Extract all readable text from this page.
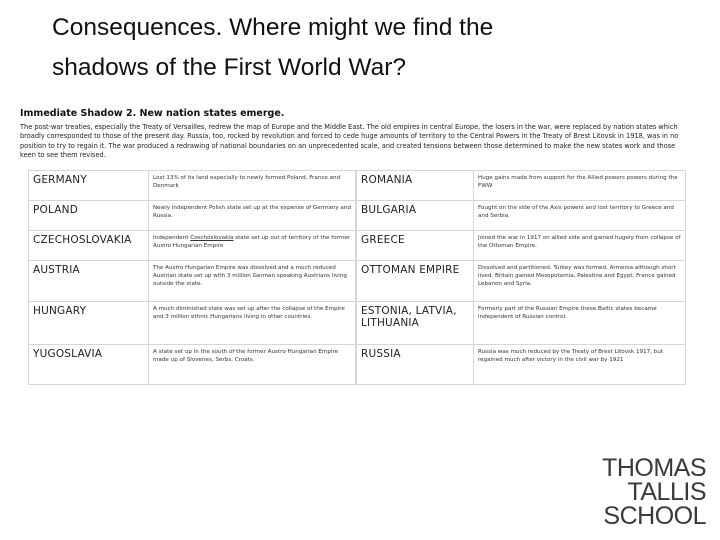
Consequences. Where might we find the
shadows of the First World War?
Immediate Shadow 2. New nation states emerge.
The post-war treaties, especially the Treaty of Versailles, redrew the map of Europe and the Middle East. The old empires in central Europe, the losers in the war, were replaced by nation states which broadly corresponded to those of the present day. Russia, too, rocked by revolution and forced to cede huge amounts of territory to the Central Powers in the Treaty of Brest Litovsk in 1918, was in no position to try to regain it. The war produced a redrawing of national boundaries on an unprecedented scale, and created tensions between those determined to make the new states work and those keen to see them revised.
GERMANY	Lost 13% of its land especially to newly formed Poland, France and Denmark
POLAND	Newly independent Polish state set up at the expense of Germany and Russia.
CZECHOSLOVAKIA	Independent Czechoslovakia state set up out of territory of the former Austro Hungarian Empire
AUSTRIA	The Austro Hungarian Empire was dissolved and a much reduced Austrian state set up with 3 million German speaking Austrians living outside the state.
HUNGARY	A much diminished state was set up after the collapse of the Empire and 3 million ethnic Hungarians living in other countries.
YUGOSLAVIA	A state set up in the south of the former Austro Hungarian Empire made up of Slovenes, Serbs, Croats.
ROMANIA	Huge gains made from support for the Allied powers powers during the FWW
BULGARIA	Fought on the side of the Axis powers and lost territory to Greece and and Serbia.
GREECE	Joined the war in 1917 on allied side and gained hugely from collapse of the Ottoman Empire.
OTTOMAN EMPIRE	Dissolved and partitioned. Turkey was formed. Armenia although short lived. Britain gained Mesopotamia, Palestine and Egypt. France gained Lebanon and Syria.

ESTONIA, LATVIA,
LITHUANIA	Formerly part of the Russian Empire these Baltic states became independent of Russian control.
RUSSIA	Russia was much reduced by the Treaty of Brest Litovsk 1917, but regained much after victory in the civil war by 1921
THOMAS
TALLIS
SCHOOL
